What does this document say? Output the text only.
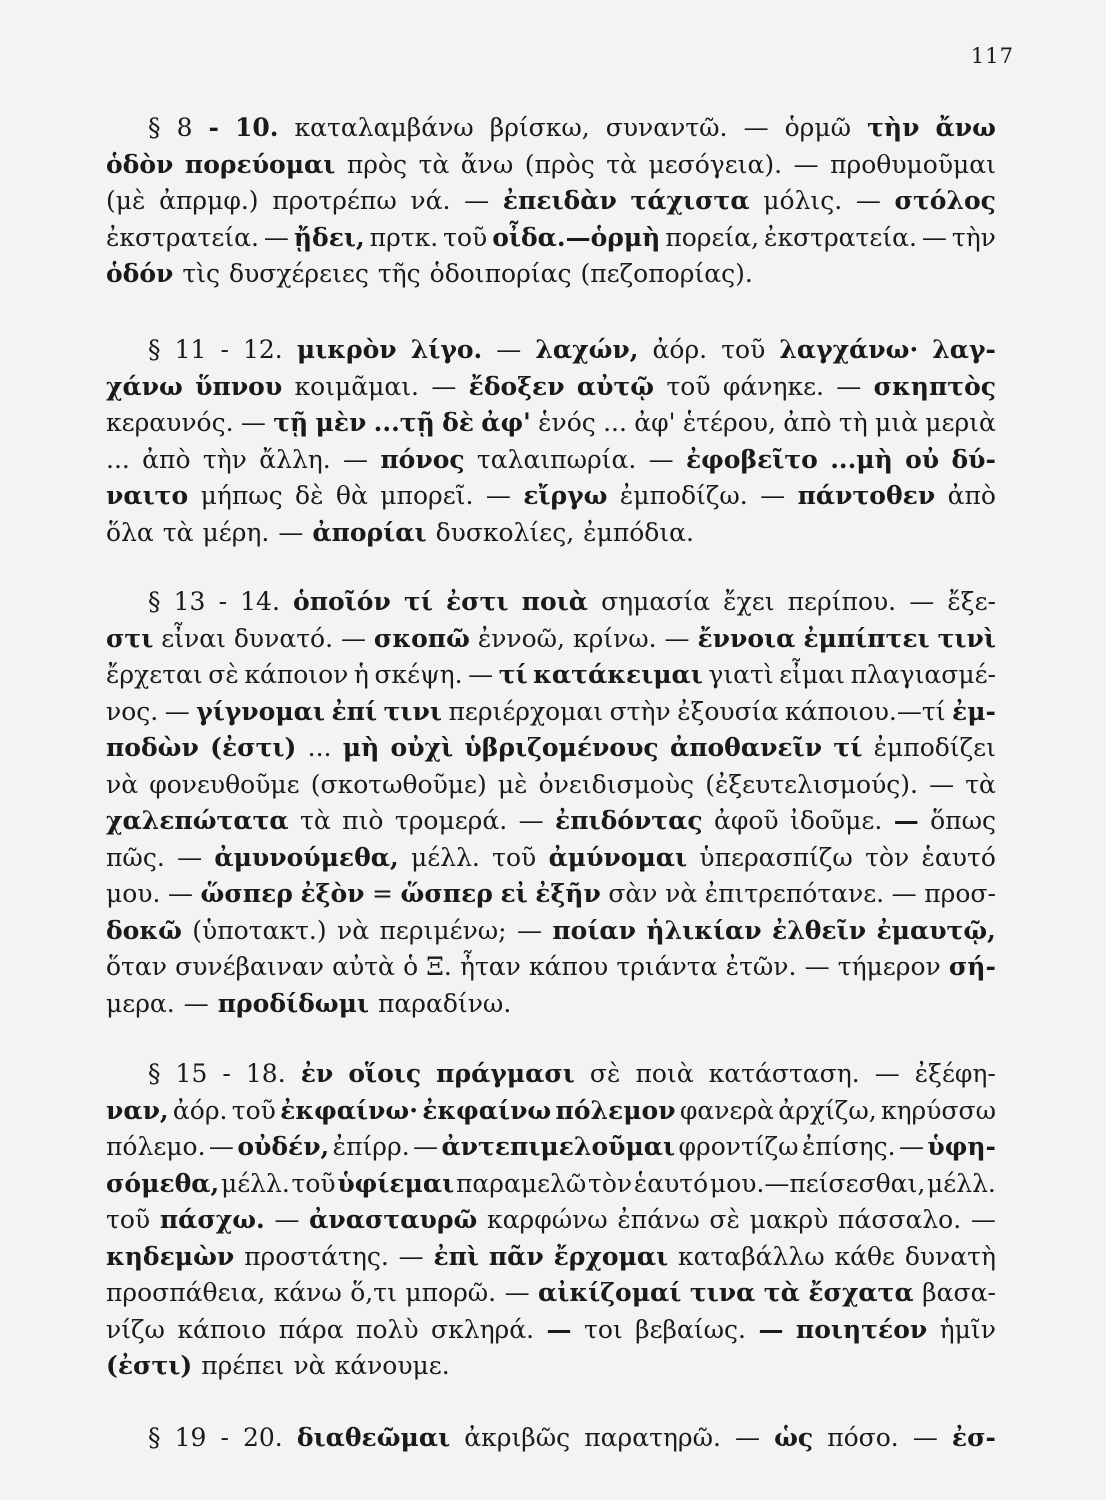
117
§ 8 - 10. καταλαμβάνω βρίσκω, συναντῶ. — ὁρμῶ τὴν ἄνω
ὁδὸν πορεύομαι πρὸς τὰ ἄνω (πρὸς τὰ μεσόγεια). — προθυμοῦμαι
(μὲ ἀπρμφ.) προτρέπω νά. — ἐπειδὰν τάχιστα μόλις. — στόλος
ἐκστρατεία. — ᾔδει, πρτκ. τοῦ οἶδα.—ὁρμὴ πορεία, ἐκστρατεία. — τὴν
ὁδόν τὶς δυσχέρειες τῆς ὁδοιπορίας (πεζοπορίας).
§ 11 - 12. μικρὸν λίγο. — λαχών, ἀόρ. τοῦ λαγχάνω· λαγ-
χάνω ὕπνου κοιμᾶμαι. — ἔδοξεν αὐτῷ τοῦ φάνηκε. — σκηπτὸς
κεραυνός. — τῇ μὲν ...τῇ δὲ ἀφ' ἑνός ... ἀφ' ἑτέρου, ἀπὸ τὴ μιὰ μεριὰ
... ἀπὸ τὴν ἄλλη. — πόνος ταλαιπωρία. — ἐφοβεῖτο ...μὴ οὐ δύ-
ναιτο μήπως δὲ θὰ μπορεῖ. — εἴργω ἐμποδίζω. — πάντοθεν ἀπὸ
ὅλα τὰ μέρη. — ἀπορίαι δυσκολίες, ἐμπόδια.
§ 13 - 14. ὁποῖόν τί ἐστι ποιὰ σημασία ἔχει περίπου. — ἔξε-
στι εἶναι δυνατό. — σκοπῶ ἐννοῶ, κρίνω. — ἔννοια ἐμπίπτει τινὶ
ἔρχεται σὲ κάποιον ἡ σκέψη. — τί κατάκειμαι γιατὶ εἶμαι πλαγιασμέ-
νος. — γίγνομαι ἐπί τινι περιέρχομαι στὴν ἐξουσία κάποιου.—τί ἐμ-
ποδὼν (ἐστι) ... μὴ οὐχὶ ὑβριζομένους ἀποθανεῖν τί ἐμποδίζει
νὰ φονευθοῦμε (σκοτωθοῦμε) μὲ ὀνειδισμοὺς (ἐξευτελισμούς). — τὰ
χαλεπώτατα τὰ πιὸ τρομερά. — ἐπιδόντας ἀφοῦ ἰδοῦμε. — ὅπως
πῶς. — ἀμυνούμεθα, μέλλ. τοῦ ἀμύνομαι ὑπερασπίζω τὸν ἑαυτό
μου. — ὥσπερ ἐξὸν = ὥσπερ εἰ ἐξῆν σὰν νὰ ἐπιτρεπότανε. — προσ-
δοκῶ (ὑποτακτ.) νὰ περιμένω; — ποίαν ἡλικίαν ἐλθεῖν ἐμαυτῷ,
ὅταν συνέβαιναν αὐτὰ ὁ Ξ. ἦταν κάπου τριάντα ἐτῶν. — τήμερον σή-
μερα. — προδίδωμι παραδίνω.
§ 15 - 18. ἐν οἵοις πράγμασι σὲ ποιὰ κατάσταση. — ἐξέφη-
ναν, ἀόρ. τοῦ ἐκφαίνω· ἐκφαίνω πόλεμον φανερὰ ἀρχίζω, κηρύσσω
πόλεμο. — οὐδέν, ἐπίρρ. — ἀντεπιμελοῦμαι φροντίζω ἐπίσης. — ὑφη-
σόμεθα, μέλλ. τοῦ ὑφίεμαι παραμελῶ τὸν ἑαυτό μου.—πείσεσθαι, μέλλ.
τοῦ πάσχω. — ἀνασταυρῶ καρφώνω ἐπάνω σὲ μακρὺ πάσσαλο. —
κηδεμὼν προστάτης. — ἐπὶ πᾶν ἔρχομαι καταβάλλω κάθε δυνατὴ
προσπάθεια, κάνω ὅ,τι μπορῶ. — αἰκίζομαί τινα τὰ ἔσχατα βασα-
νίζω κάποιο πάρα πολὺ σκληρά. — τοι βεβαίως. — ποιητέον ἡμῖν
(ἐστι) πρέπει νὰ κάνουμε.
§ 19 - 20. διαθεῶμαι ἀκριβῶς παρατηρῶ. — ὡς πόσο. — ἐσ-
